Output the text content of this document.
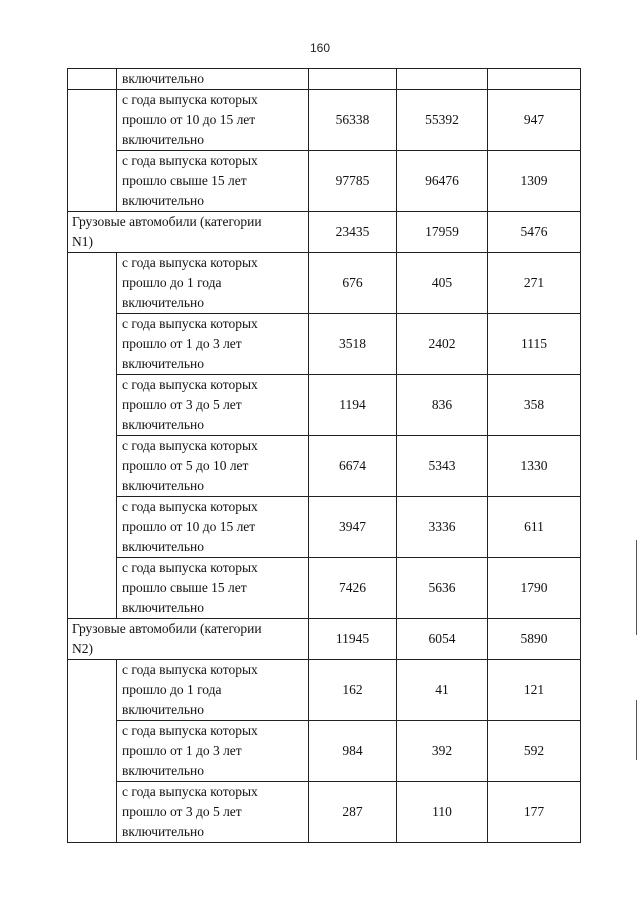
160
	включительно			
	с года выпуска которых
прошло от 10 до 15 лет
включительно	56338	55392	947
	с года выпуска которых
прошло свыше 15 лет
включительно	97785	96476	1309
Грузовые автомобили (категории
N1)		23435	17959	5476
	с года выпуска которых
прошло до 1 года
включительно	676	405	271
	с года выпуска которых
прошло от 1 до 3 лет
включительно	3518	2402	1115
	с года выпуска которых
прошло от 3 до 5 лет
включительно	1194	836	358
	с года выпуска которых
прошло от 5 до 10 лет
включительно	6674	5343	1330
	с года выпуска которых
прошло от 10 до 15 лет
включительно	3947	3336	611
	с года выпуска которых
прошло свыше 15 лет
включительно	7426	5636	1790
Грузовые автомобили (категории
N2)		11945	6054	5890
	с года выпуска которых
прошло до 1 года
включительно	162	41	121
	с года выпуска которых
прошло от 1 до 3 лет
включительно	984	392	592
	с года выпуска которых
прошло от 3 до 5 лет
включительно	287	110	177
